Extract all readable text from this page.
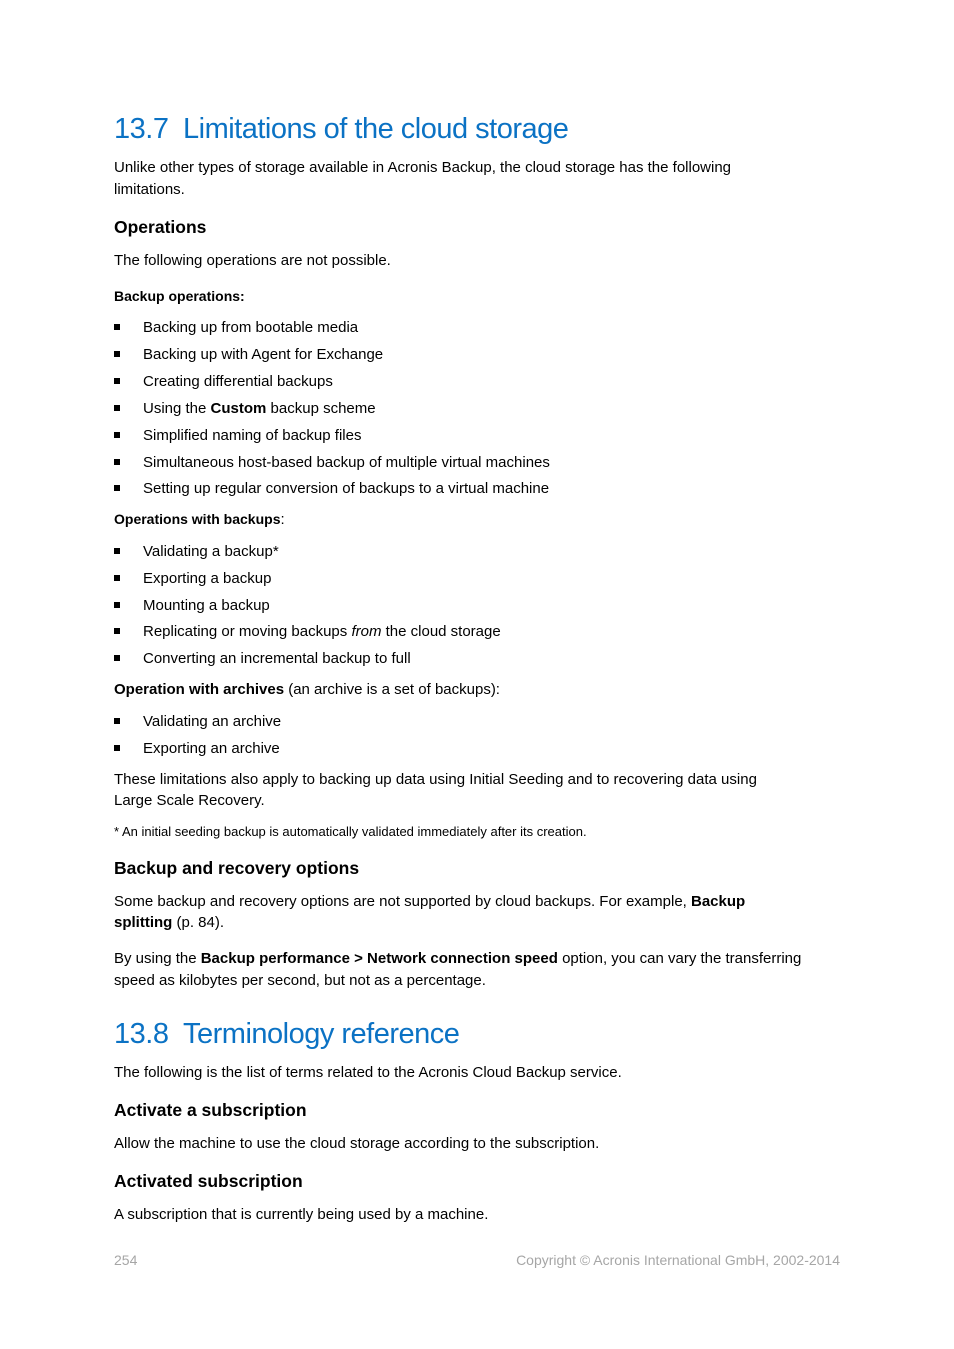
13.7 Limitations of the cloud storage
Unlike other types of storage available in Acronis Backup, the cloud storage has the following
limitations.
Operations
The following operations are not possible.
Backup operations:
Backing up from bootable media
Backing up with Agent for Exchange
Creating differential backups
Using the Custom backup scheme
Simplified naming of backup files
Simultaneous host-based backup of multiple virtual machines
Setting up regular conversion of backups to a virtual machine
Operations with backups:
Validating a backup*
Exporting a backup
Mounting a backup
Replicating or moving backups from the cloud storage
Converting an incremental backup to full
Operation with archives (an archive is a set of backups):
Validating an archive
Exporting an archive
These limitations also apply to backing up data using Initial Seeding and to recovering data using
Large Scale Recovery.
* An initial seeding backup is automatically validated immediately after its creation.
Backup and recovery options
Some backup and recovery options are not supported by cloud backups. For example, Backup
splitting (p. 84).
By using the Backup performance > Network connection speed option, you can vary the transferring
speed as kilobytes per second, but not as a percentage.
13.8 Terminology reference
The following is the list of terms related to the Acronis Cloud Backup service.
Activate a subscription
Allow the machine to use the cloud storage according to the subscription.
Activated subscription
A subscription that is currently being used by a machine.
254	Copyright © Acronis International GmbH, 2002-2014
